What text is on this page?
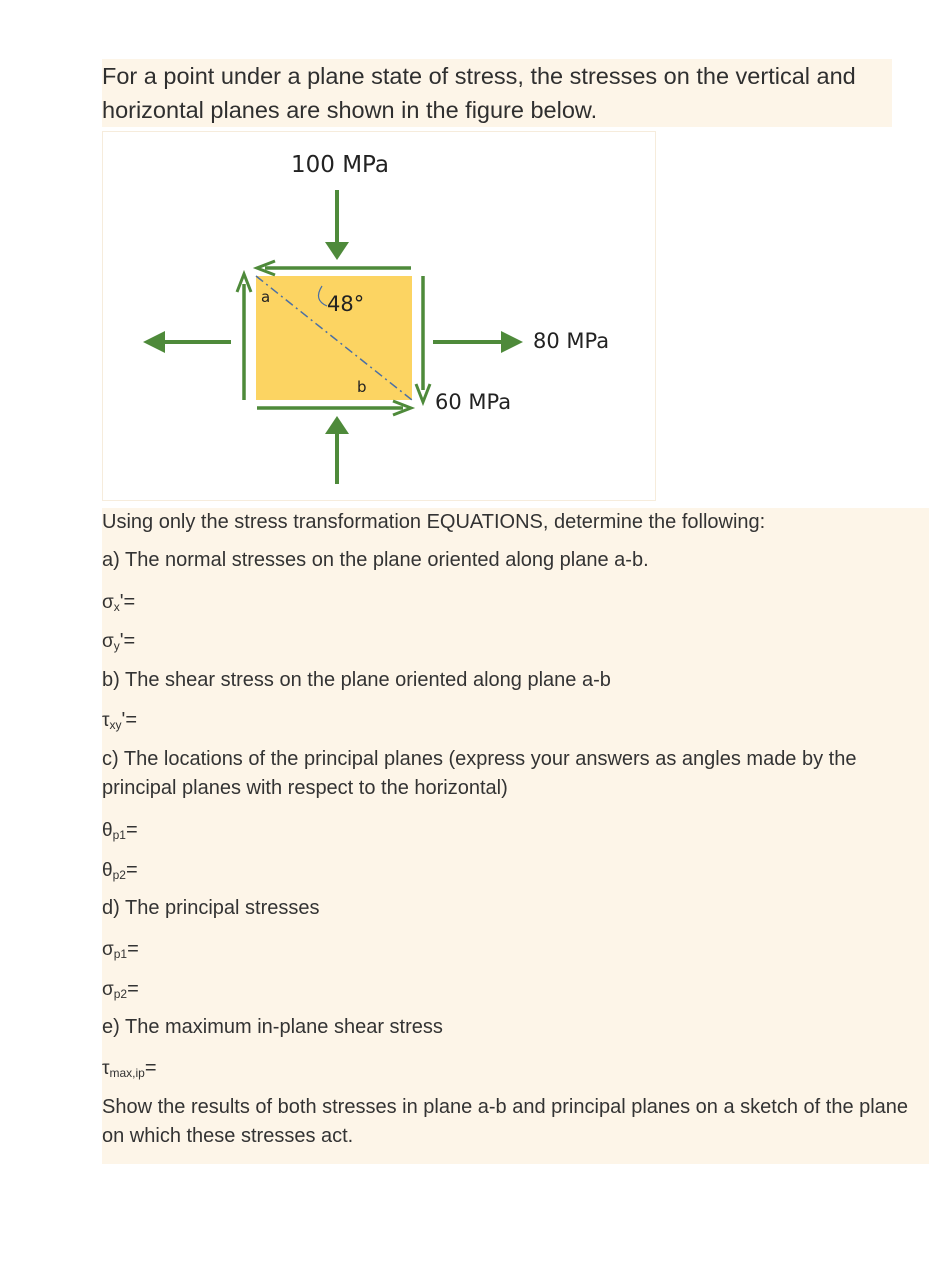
For a point under a plane state of stress, the stresses on the vertical and horizontal planes are shown in the figure below.
100 MPa
80 MPa
60 MPa
48°
a
b
Using only the stress transformation EQUATIONS, determine the following:
a) The normal stresses on the plane oriented along plane a-b.
$\sigma_x'=$
$\sigma_y'=$
b) The shear stress on the plane oriented along plane a-b
$\tau_{xy}'=$
c) The locations of the principal planes (express your answers as angles made by the principal planes with respect to the horizontal)
$\theta_{p1}=$
$\theta_{p2}=$
d) The principal stresses
$\sigma_{p1}=$
$\sigma_{p2}=$
e) The maximum in-plane shear stress
$\tau_{max,ip}=$
Show the results of both stresses in plane a-b and principal planes on a sketch of the plane on which these stresses act.
